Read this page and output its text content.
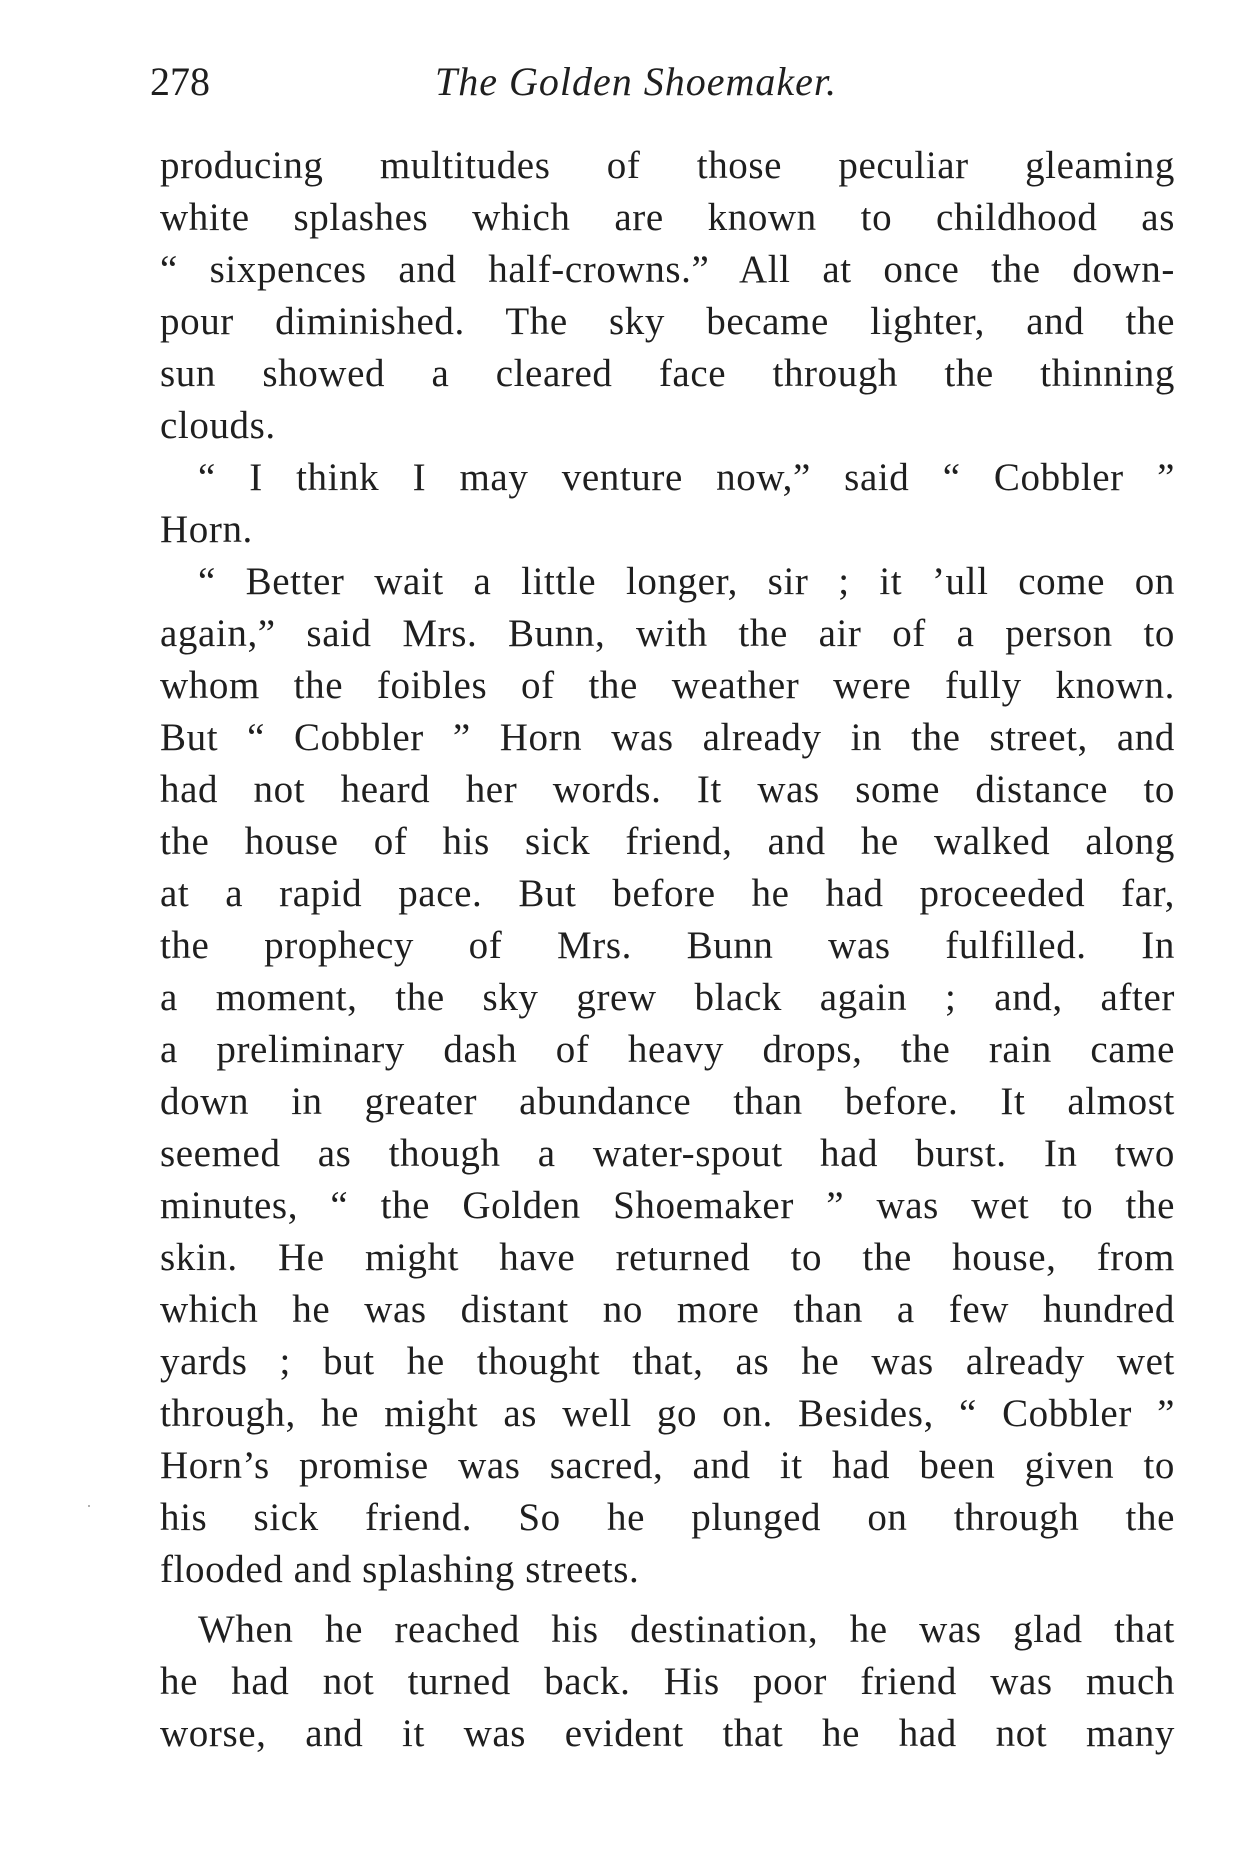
278	The Golden Shoemaker.
producing multitudes of those peculiar gleaming
white splashes which are known to childhood as
“ sixpences and half-crowns.” All at once the down-
pour diminished. The sky became lighter, and the
sun showed a cleared face through the thinning
clouds.
“ I think I may venture now,” said “ Cobbler ”
Horn.
“ Better wait a little longer, sir ; it ’ull come on
again,” said Mrs. Bunn, with the air of a person to
whom the foibles of the weather were fully known.
But “ Cobbler ” Horn was already in the street, and
had not heard her words. It was some distance to
the house of his sick friend, and he walked along
at a rapid pace. But before he had proceeded far,
the prophecy of Mrs. Bunn was fulfilled. In
a moment, the sky grew black again ; and, after
a preliminary dash of heavy drops, the rain came
down in greater abundance than before. It almost
seemed as though a water-spout had burst. In two
minutes, “ the Golden Shoemaker ” was wet to the
skin. He might have returned to the house, from
which he was distant no more than a few hundred
yards ; but he thought that, as he was already wet
through, he might as well go on. Besides, “ Cobbler ”
Horn’s promise was sacred, and it had been given to
his sick friend. So he plunged on through the
flooded and splashing streets.
When he reached his destination, he was glad that
he had not turned back. His poor friend was much
worse, and it was evident that he had not many
